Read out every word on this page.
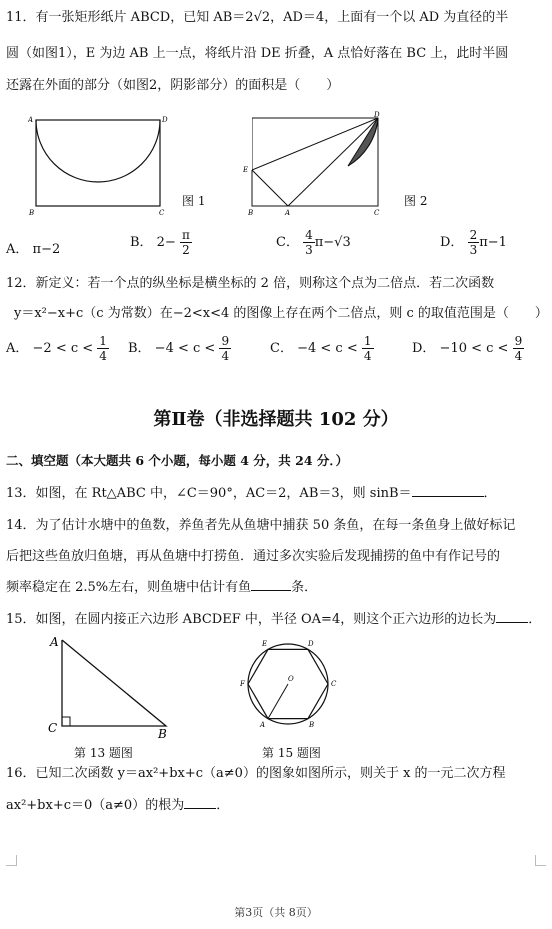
11．有一张矩形纸片 ABCD，已知 AB＝2√2，AD＝4，上面有一个以 AD 为直径的半
圆（如图1），E 为边 AB 上一点，将纸片沿 DE 折叠，A 点恰好落在 BC 上，此时半圆
还露在外面的部分（如图2，阴影部分）的面积是（　　）
A	D
B	C
图 1
D
E
B	A	C
图 2
A． π−2	B． $2- \frac{\pi}{2}$	C． $\frac{4}{3} \pi-√3$	D． $\frac{2}{3} \pi-1$
12．新定义：若一个点的纵坐标是横坐标的 2 倍，则称这个点为二倍点．若二次函数
y＝x²−x+c（c 为常数）在−2<x<4 的图像上存在两个二倍点，则 c 的取值范围是（　　）
A． $-2 < c < \frac{1}{4}$ B． $-4 < c < \frac{9}{4}$	C． $-4 < c < \frac{1}{4}$	D． $-10 < c < \frac{9}{4}$
第Ⅱ卷（非选择题共 102 分）
二、填空题（本大题共 6 个小题，每小题 4 分，共 24 分．）
13．如图，在 Rt△ABC 中，∠C＝90°，AC＝2，AB＝3，则 sinB＝	．
14．为了估计水塘中的鱼数，养鱼者先从鱼塘中捕获 50 条鱼，在每一条鱼身上做好标记
后把这些鱼放归鱼塘，再从鱼塘中打捞鱼．通过多次实验后发现捕捞的鱼中有作记号的
频率稳定在 2.5%左右，则鱼塘中估计有鱼	条．
15．如图，在圆内接正六边形 ABCDEF 中，半径 OA=4，则这个正六边形的边长为 ．
A
C	B
第 13 题图
E	D
F
O
C
A	B
第 15 题图
16．已知二次函数 y＝ax²+bx+c（a≠0）的图象如图所示，则关于 x 的一元二次方程
ax²+bx+c＝0（a≠0）的根为 ．
第3页（共 8页）
